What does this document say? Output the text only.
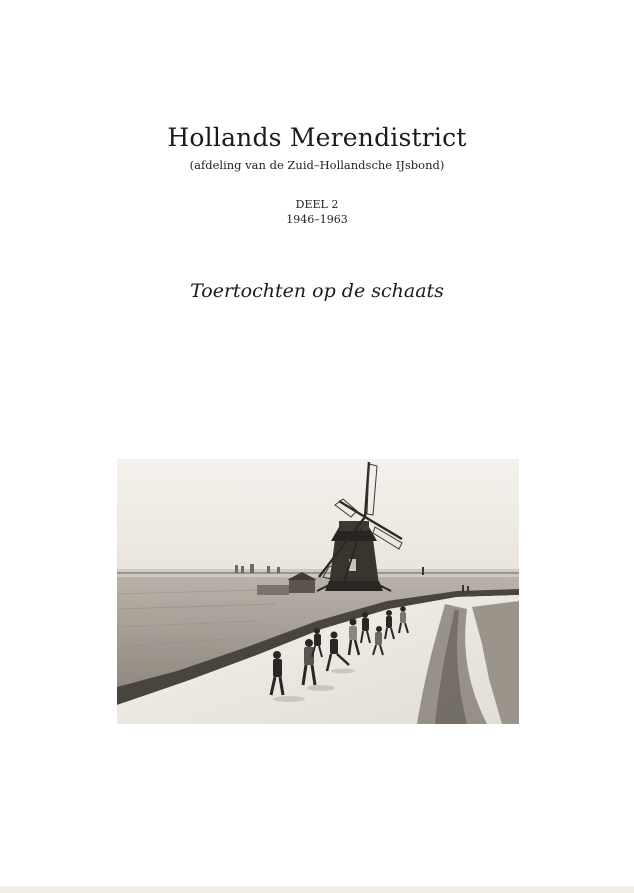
Hollands Merendistrict
(afdeling van de Zuid–Hollandsche IJsbond)
DEEL 2
1946–1963
Toertochten op de schaats
